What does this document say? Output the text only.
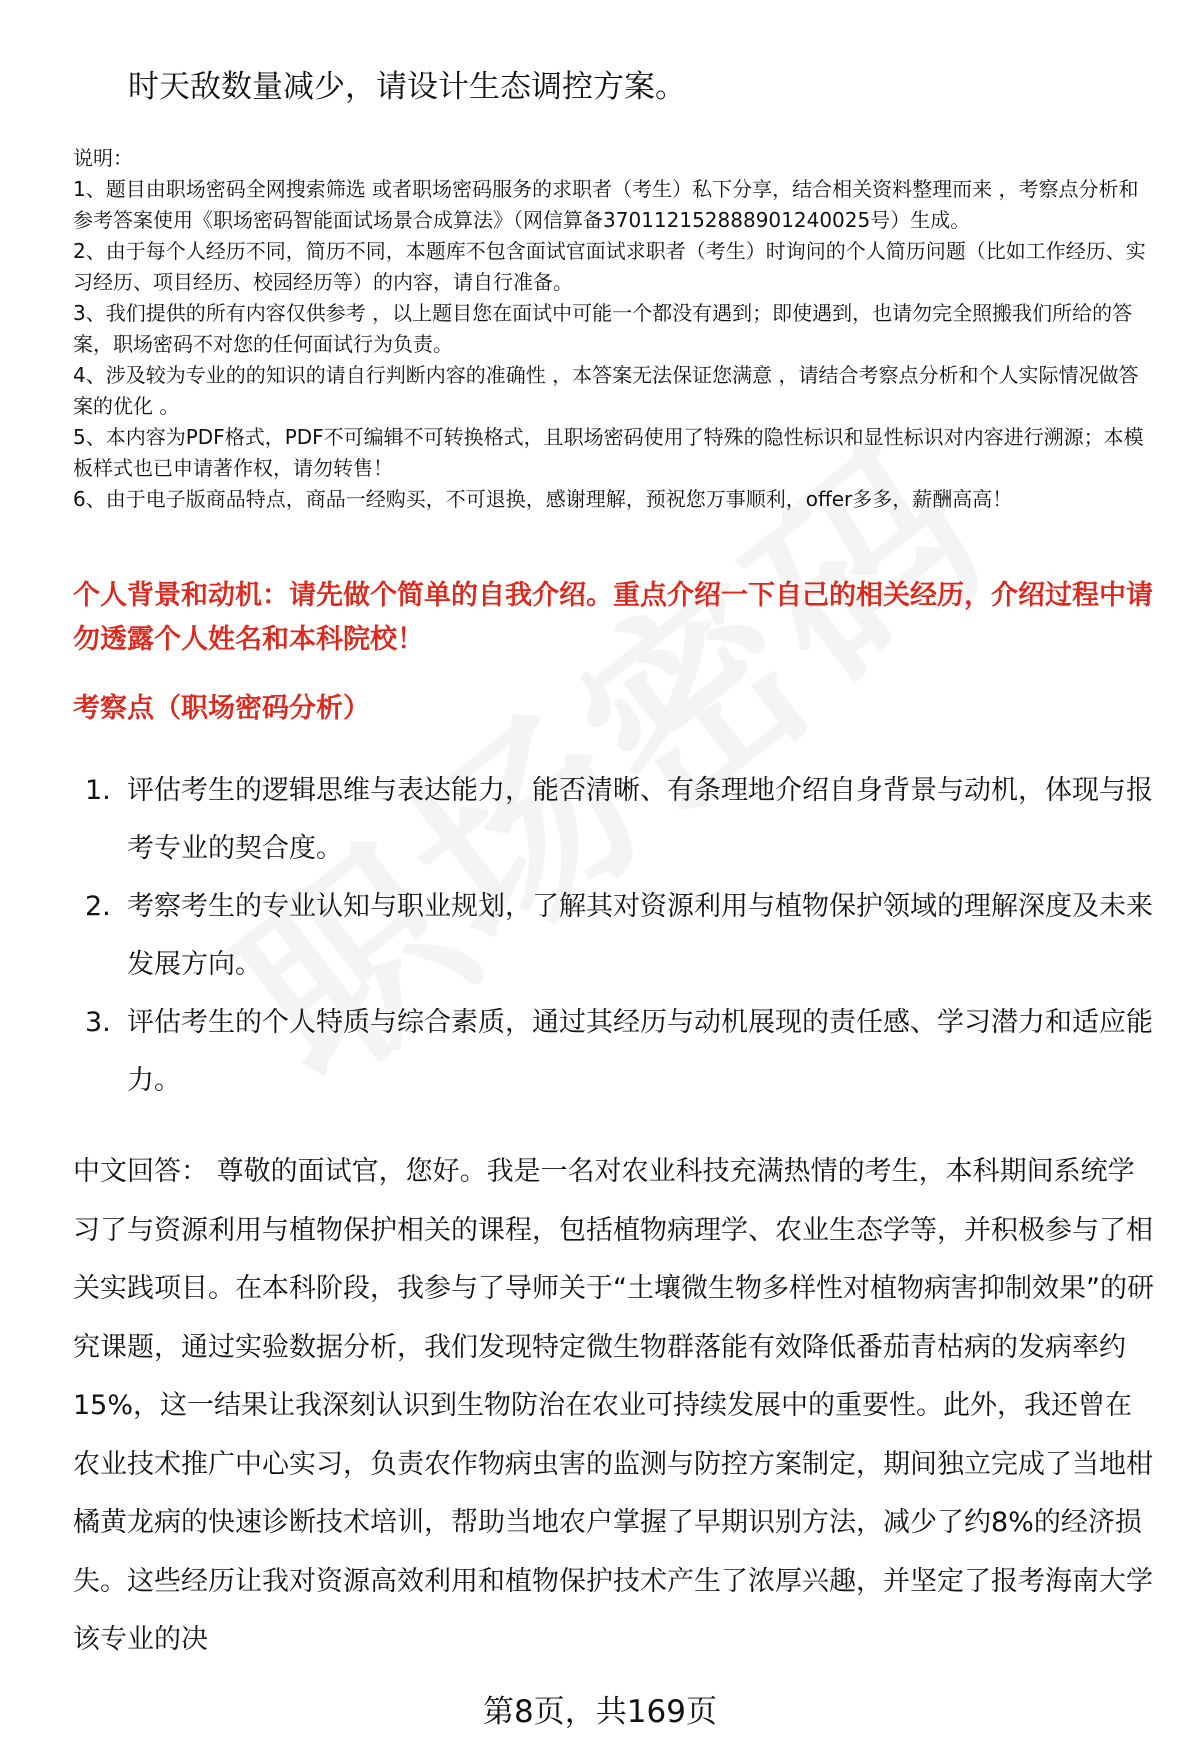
时天敌数量减少，请设计生态调控方案。

说明：

1、题目由职场密码全网搜索筛选 或者职场密码服务的求职者（考生）私下分享，结合相关资料整理而来 ，考察点分析和参考答案使用《职场密码智能面试场景合成算法》（网信算备370112152888901240025号）生成。

2、由于每个人经历不同，简历不同，本题库不包含面试官面试求职者（考生）时询问的个人简历问题（比如工作经历、实习经历、项目经历、校园经历等）的内容，请自行准备。

3、我们提供的所有内容仅供参考 ，以上题目您在面试中可能一个都没有遇到；即使遇到，也请勿完全照搬我们所给的答案，职场密码不对您的任何面试行为负责。

4、涉及较为专业的的知识的请自行判断内容的准确性 ，本答案无法保证您满意 ，请结合考察点分析和个人实际情况做答案的优化 。

5、本内容为PDF格式，PDF不可编辑不可转换格式，且职场密码使用了特殊的隐性标识和显性标识对内容进行溯源；本模板样式也已申请著作权，请勿转售！

6、由于电子版商品特点，商品一经购买，不可退换，感谢理解，预祝您万事顺利，offer多多，薪酬高高！

个人背景和动机：请先做个简单的自我介绍。重点介绍一下自己的相关经历，介绍过程中请勿透露个人姓名和本科院校！
考察点（职场密码分析）
1. 评估考生的逻辑思维与表达能力，能否清晰、有条理地介绍自身背景与动机，体现与报考专业的契合度。
2. 考察考生的专业认知与职业规划，了解其对资源利用与植物保护领域的理解深度及未来发展方向。
3. 评估考生的个人特质与综合素质，通过其经历与动机展现的责任感、学习潜力和适应能力。

中文回答： 尊敬的面试官，您好。我是一名对农业科技充满热情的考生，本科期间系统学习了与资源利用与植物保护相关的课程，包括植物病理学、农业生态学等，并积极参与了相关实践项目。在本科阶段，我参与了导师关于“土壤微生物多样性对植物病害抑制效果”的研究课题，通过实验数据分析，我们发现特定微生物群落能有效降低番茄青枯病的发病率约15%，这一结果让我深刻认识到生物防治在农业可持续发展中的重要性。此外，我还曾在农业技术推广中心实习，负责农作物病虫害的监测与防控方案制定，期间独立完成了当地柑橘黄龙病的快速诊断技术培训，帮助当地农户掌握了早期识别方法，减少了约8%的经济损失。这些经历让我对资源高效利用和植物保护技术产生了浓厚兴趣，并坚定了报考海南大学该专业的决

第8页，共169页
